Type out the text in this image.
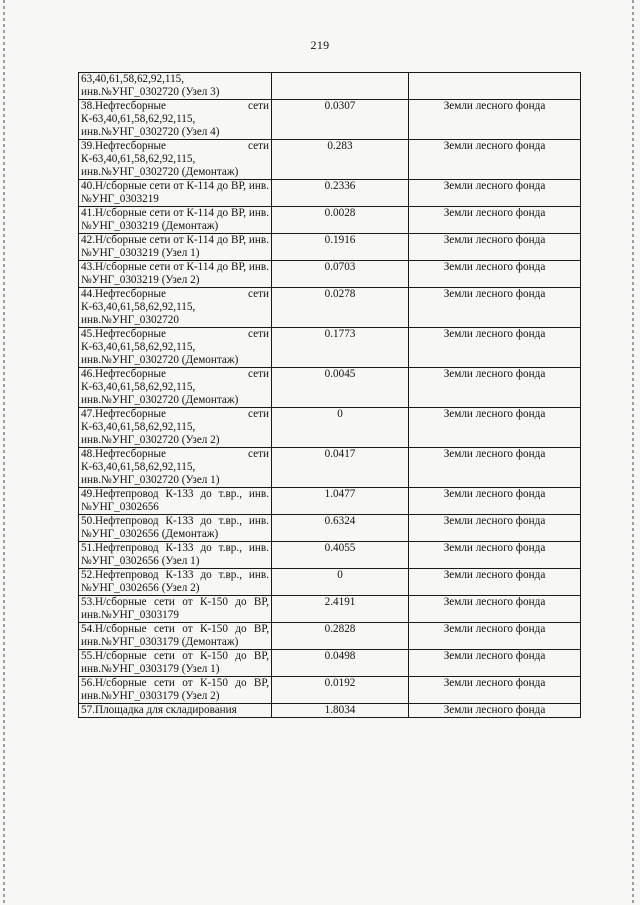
219
63,40,61,58,62,92,115,
инв.№УНГ_0302720 (Узел 3)		
38.Нефтесборные сети К-63,40,61,58,62,92,115,
инв.№УНГ_0302720 (Узел 4)	0.0307	Земли лесного фонда
39.Нефтесборные сети К-63,40,61,58,62,92,115,
инв.№УНГ_0302720 (Демонтаж)	0.283	Земли лесного фонда
40.Н/сборные сети от К-114 до ВР, инв.№УНГ_0303219	0.2336	Земли лесного фонда
41.Н/сборные сети от К-114 до ВР, инв.№УНГ_0303219 (Демонтаж)	0.0028	Земли лесного фонда
42.Н/сборные сети от К-114 до ВР, инв.№УНГ_0303219 (Узел 1)	0.1916	Земли лесного фонда
43.Н/сборные сети от К-114 до ВР, инв.№УНГ_0303219 (Узел 2)	0.0703	Земли лесного фонда
44.Нефтесборные сети К-63,40,61,58,62,92,115,
инв.№УНГ_0302720	0.0278	Земли лесного фонда
45.Нефтесборные сети К-63,40,61,58,62,92,115,
инв.№УНГ_0302720 (Демонтаж)	0.1773	Земли лесного фонда
46.Нефтесборные сети К-63,40,61,58,62,92,115,
инв.№УНГ_0302720 (Демонтаж)	0.0045	Земли лесного фонда
47.Нефтесборные сети К-63,40,61,58,62,92,115,
инв.№УНГ_0302720 (Узел 2)	0	Земли лесного фонда
48.Нефтесборные сети К-63,40,61,58,62,92,115,
инв.№УНГ_0302720 (Узел 1)	0.0417	Земли лесного фонда
49.Нефтепровод К-133 до т.вр., инв.№УНГ_0302656	1.0477	Земли лесного фонда
50.Нефтепровод К-133 до т.вр., инв.№УНГ_0302656 (Демонтаж)	0.6324	Земли лесного фонда
51.Нефтепровод К-133 до т.вр., инв.№УНГ_0302656 (Узел 1)	0.4055	Земли лесного фонда
52.Нефтепровод К-133 до т.вр., инв.№УНГ_0302656 (Узел 2)	0	Земли лесного фонда
53.Н/сборные сети от К-150 до ВР, инв.№УНГ_0303179	2.4191	Земли лесного фонда
54.Н/сборные сети от К-150 до ВР, инв.№УНГ_0303179 (Демонтаж)	0.2828	Земли лесного фонда
55.Н/сборные сети от К-150 до ВР, инв.№УНГ_0303179 (Узел 1)	0.0498	Земли лесного фонда
56.Н/сборные сети от К-150 до ВР, инв.№УНГ_0303179 (Узел 2)	0.0192	Земли лесного фонда
57.Площадка для складирования	1.8034	Земли лесного фонда
